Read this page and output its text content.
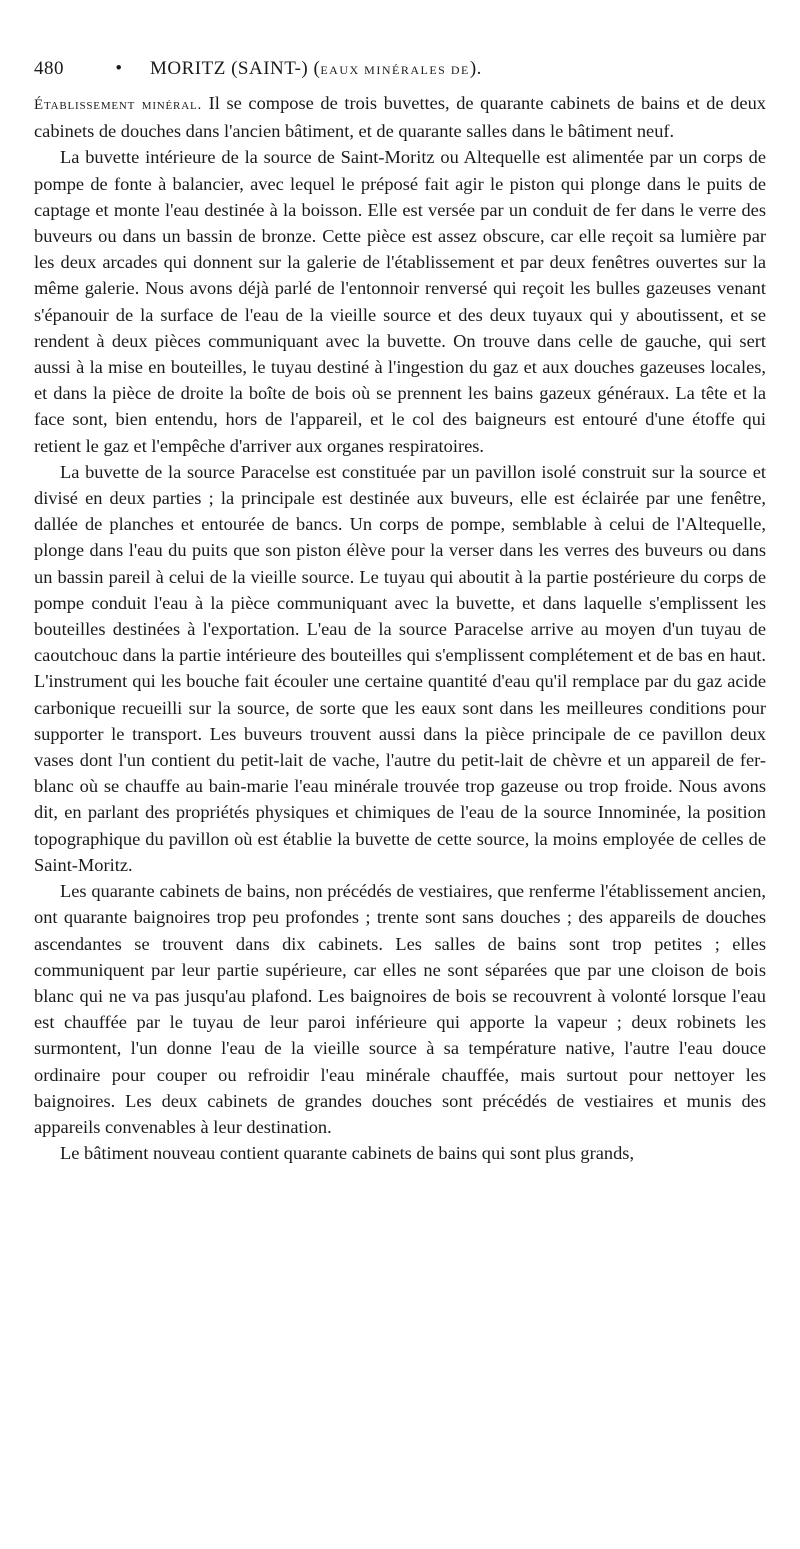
480	•	MORITZ (SAINT-) (EAUX MINÉRALES DE).

Établissement minéral. Il se compose de trois buvettes, de quarante cabinets de bains et de deux cabinets de douches dans l'ancien bâtiment, et de quarante salles dans le bâtiment neuf.

La buvette intérieure de la source de Saint-Moritz ou Altequelle est alimentée par un corps de pompe de fonte à balancier, avec lequel le préposé fait agir le piston qui plonge dans le puits de captage et monte l'eau destinée à la boisson. Elle est versée par un conduit de fer dans le verre des buveurs ou dans un bassin de bronze. Cette pièce est assez obscure, car elle reçoit sa lumière par les deux arcades qui donnent sur la galerie de l'établissement et par deux fenêtres ouvertes sur la même galerie. Nous avons déjà parlé de l'entonnoir renversé qui reçoit les bulles gazeuses venant s'épanouir de la surface de l'eau de la vieille source et des deux tuyaux qui y aboutissent, et se rendent à deux pièces communiquant avec la buvette. On trouve dans celle de gauche, qui sert aussi à la mise en bouteilles, le tuyau destiné à l'ingestion du gaz et aux douches gazeuses locales, et dans la pièce de droite la boîte de bois où se prennent les bains gazeux généraux. La tête et la face sont, bien entendu, hors de l'appareil, et le col des baigneurs est entouré d'une étoffe qui retient le gaz et l'empêche d'arriver aux organes respiratoires.

La buvette de la source Paracelse est constituée par un pavillon isolé construit sur la source et divisé en deux parties ; la principale est destinée aux buveurs, elle est éclairée par une fenêtre, dallée de planches et entourée de bancs. Un corps de pompe, semblable à celui de l'Altequelle, plonge dans l'eau du puits que son piston élève pour la verser dans les verres des buveurs ou dans un bassin pareil à celui de la vieille source. Le tuyau qui aboutit à la partie postérieure du corps de pompe conduit l'eau à la pièce communiquant avec la buvette, et dans laquelle s'emplissent les bouteilles destinées à l'exportation. L'eau de la source Paracelse arrive au moyen d'un tuyau de caoutchouc dans la partie intérieure des bouteilles qui s'emplissent complétement et de bas en haut. L'instrument qui les bouche fait écouler une certaine quantité d'eau qu'il remplace par du gaz acide carbonique recueilli sur la source, de sorte que les eaux sont dans les meilleures conditions pour supporter le transport. Les buveurs trouvent aussi dans la pièce principale de ce pavillon deux vases dont l'un contient du petit-lait de vache, l'autre du petit-lait de chèvre et un appareil de fer-blanc où se chauffe au bain-marie l'eau minérale trouvée trop gazeuse ou trop froide. Nous avons dit, en parlant des propriétés physiques et chimiques de l'eau de la source Innominée, la position topographique du pavillon où est établie la buvette de cette source, la moins employée de celles de Saint-Moritz.

Les quarante cabinets de bains, non précédés de vestiaires, que renferme l'établissement ancien, ont quarante baignoires trop peu profondes ; trente sont sans douches ; des appareils de douches ascendantes se trouvent dans dix cabinets. Les salles de bains sont trop petites ; elles communiquent par leur partie supérieure, car elles ne sont séparées que par une cloison de bois blanc qui ne va pas jusqu'au plafond. Les baignoires de bois se recouvrent à volonté lorsque l'eau est chauffée par le tuyau de leur paroi inférieure qui apporte la vapeur ; deux robinets les surmontent, l'un donne l'eau de la vieille source à sa température native, l'autre l'eau douce ordinaire pour couper ou refroidir l'eau minérale chauffée, mais surtout pour nettoyer les baignoires. Les deux cabinets de grandes douches sont précédés de vestiaires et munis des appareils convenables à leur destination.

Le bâtiment nouveau contient quarante cabinets de bains qui sont plus grands,
